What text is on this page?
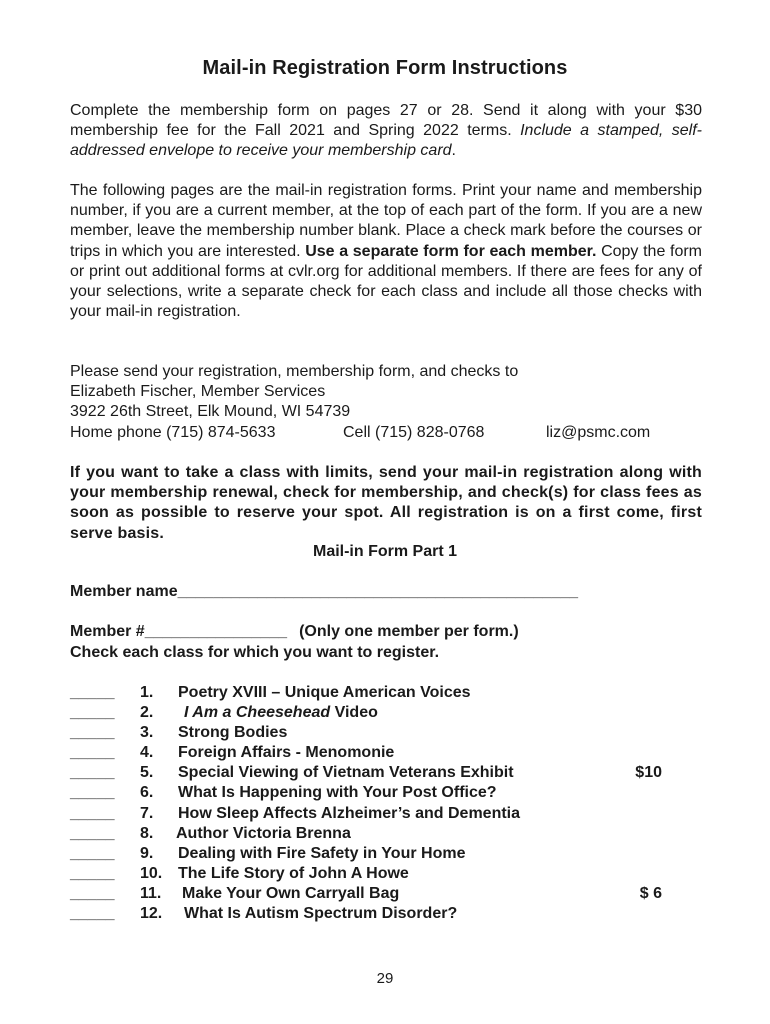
Mail-in Registration Form Instructions
Complete the membership form on pages 27 or 28. Send it along with your $30 membership fee for the Fall 2021 and Spring 2022 terms. Include a stamped, self-addressed envelope to receive your membership card.
The following pages are the mail-in registration forms. Print your name and membership number, if you are a current member, at the top of each part of the form. If you are a new member, leave the membership number blank. Place a check mark before the courses or trips in which you are interested. Use a separate form for each member. Copy the form or print out additional forms at cvlr.org for additional members. If there are fees for any of your selections, write a separate check for each class and include all those checks with your mail-in registration.
Please send your registration, membership form, and checks to
Elizabeth Fischer, Member Services
3922 26th Street, Elk Mound, WI 54739
Home phone (715) 874-5633	Cell (715) 828-0768	liz@psmc.com
If you want to take a class with limits, send your mail-in registration along with your membership renewal, check for membership, and check(s) for class fees as soon as possible to reserve your spot. All registration is on a first come, first serve basis.
Mail-in Form Part 1
Member name_____________________________________________
Member #________________ (Only one member per form.)
Check each class for which you want to register.
_____ 1. Poetry XVIII – Unique American Voices
_____ 2. I Am a Cheesehead Video
_____ 3. Strong Bodies
_____ 4. Foreign Affairs - Menomonie
_____ 5. Special Viewing of Vietnam Veterans Exhibit	$10
_____ 6. What Is Happening with Your Post Office?
_____ 7. How Sleep Affects Alzheimer’s and Dementia
_____ 8. Author Victoria Brenna
_____ 9. Dealing with Fire Safety in Your Home
_____ 10. The Life Story of John A Howe
_____ 11. Make Your Own Carryall Bag	$ 6
_____ 12. What Is Autism Spectrum Disorder?
29
